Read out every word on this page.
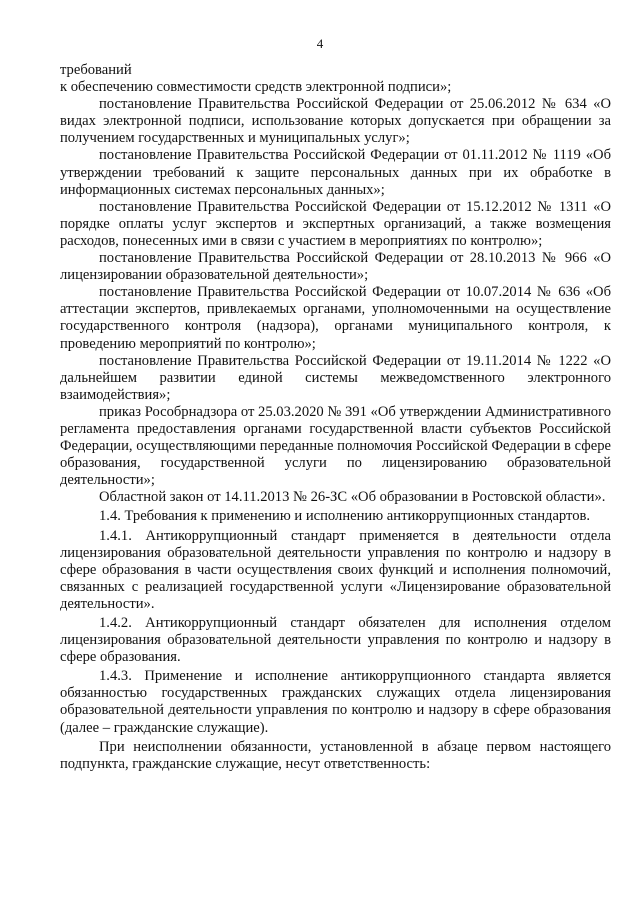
4

требований

к обеспечению совместимости средств электронной подписи»;

постановление Правительства Российской Федерации от 25.06.2012 № 634 «О видах электронной подписи, использование которых допускается при обращении за получением государственных и муниципальных услуг»;

постановление Правительства Российской Федерации от 01.11.2012 № 1119 «Об утверждении требований к защите персональных данных при их обработке в информационных системах персональных данных»;

постановление Правительства Российской Федерации от 15.12.2012 № 1311 «О порядке оплаты услуг экспертов и экспертных организаций, а также возмещения расходов, понесенных ими в связи с участием в мероприятиях по контролю»;

постановление Правительства Российской Федерации от 28.10.2013 № 966 «О лицензировании образовательной деятельности»;

постановление Правительства Российской Федерации от 10.07.2014 № 636 «Об аттестации экспертов, привлекаемых органами, уполномоченными на осуществление государственного контроля (надзора), органами муниципального контроля, к проведению мероприятий по контролю»;

постановление Правительства Российской Федерации от 19.11.2014 № 1222 «О дальнейшем развитии единой системы межведомственного электронного взаимодействия»;

приказ Рособрнадзора от 25.03.2020 № 391 «Об утверждении Административного регламента предоставления органами государственной власти субъектов Российской Федерации, осуществляющими переданные полномочия Российской Федерации в сфере образования, государственной услуги по лицензированию образовательной деятельности»;

Областной закон от 14.11.2013 № 26-ЗС «Об образовании в Ростовской области».

1.4. Требования к применению и исполнению антикоррупционных стандартов.

1.4.1. Антикоррупционный стандарт применяется в деятельности отдела лицензирования образовательной деятельности управления по контролю и надзору в сфере образования в части осуществления своих функций и исполнения полномочий, связанных с реализацией государственной услуги «Лицензирование образовательной деятельности».

1.4.2. Антикоррупционный стандарт обязателен для исполнения отделом лицензирования образовательной деятельности управления по контролю и надзору в сфере образования.

1.4.3. Применение и исполнение антикоррупционного стандарта является обязанностью государственных гражданских служащих отдела лицензирования образовательной деятельности управления по контролю и надзору в сфере образования (далее – гражданские служащие).

При неисполнении обязанности, установленной в абзаце первом настоящего подпункта, гражданские служащие, несут ответственность:
